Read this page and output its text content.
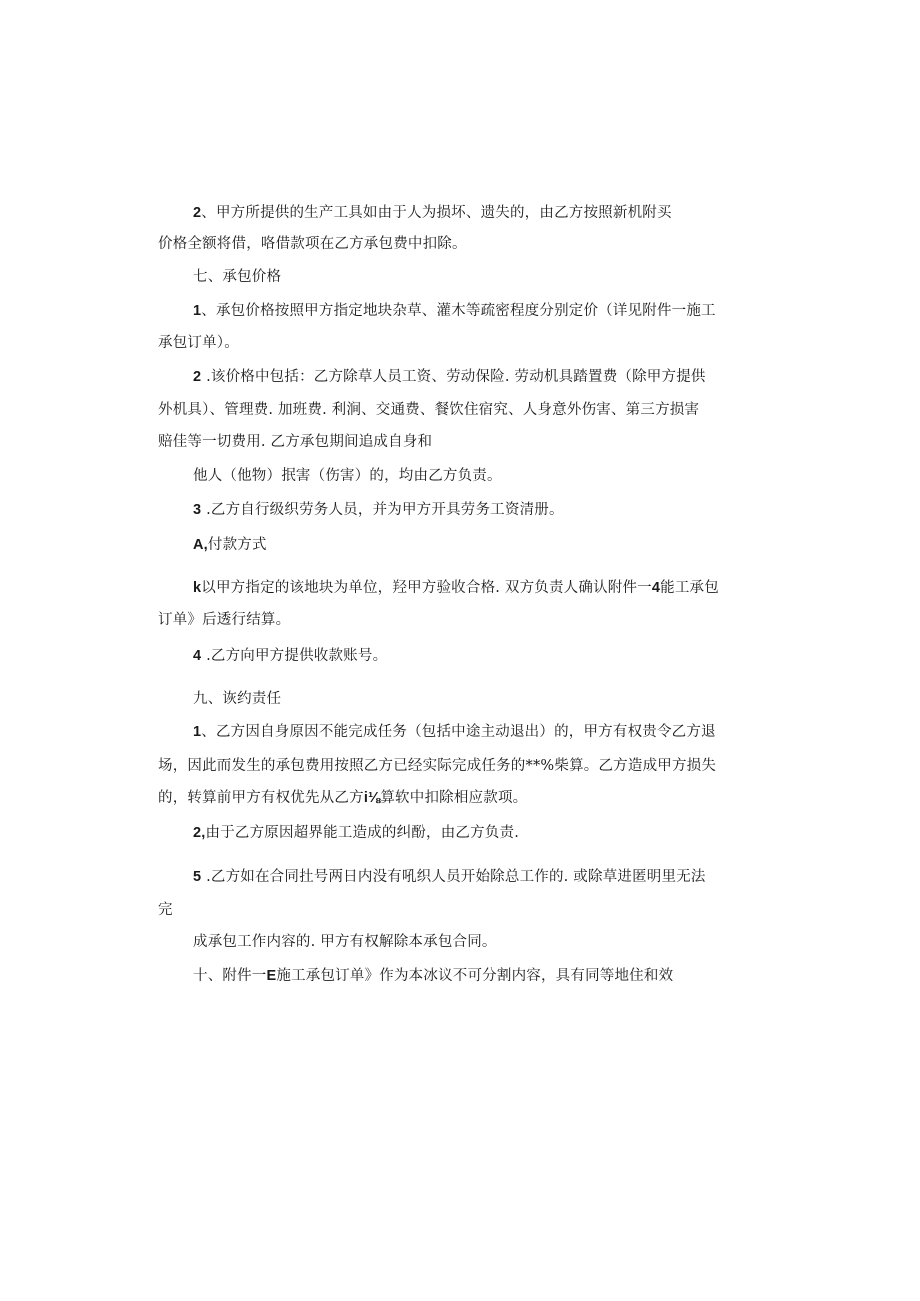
2、甲方所提供的生产工具如由于人为损坏、遗失的，由乙方按照新机附买
价格全额将借，咯借款项在乙方承包费中扣除。
七、承包价格
1、承包价格按照甲方指定地块杂草、灌木等疏密程度分别定价（详见附件一施工
承包订单）。
2 .该价格中包括：乙方除草人员工资、劳动保险. 劳动机具踏置费（除甲方提供
外机具）、管理费. 加班费. 利涧、交通费、餐饮住宿究、人身意外伤害、第三方损害
赔佳等一切费用. 乙方承包期间追成自身和
他人（他物）抿害（伤害）的，均由乙方负责。
3 .乙方自行级织劳务人员，并为甲方开具劳务工资清册。
A,付款方式
k以甲方指定的该地块为单位，羟甲方验收合格. 双方负责人确认附件一4能工承包
订单》后透行结算。
4 .乙方向甲方提供收款账号。
九、诙约责任
1、乙方因自身原因不能完成任务（包括中途主动退出）的，甲方有权贵令乙方退
场，因此而发生的承包费用按照乙方已经实际完成任务的**%柴算。乙方造成甲方损失
的，转算前甲方有权优先从乙方i⅛算软中扣除相应款项。
2,由于乙方原因超界能工造成的纠酚，由乙方负责.
5 .乙方如在合同扗号两日内没有吼织人员开始除总工作的. 或除草进匿明里无法
完
成承包工作内容的. 甲方有权解除本承包合同。
十、附件一E施工承包订单》作为本冰议不可分割内容，具有同等地住和效
